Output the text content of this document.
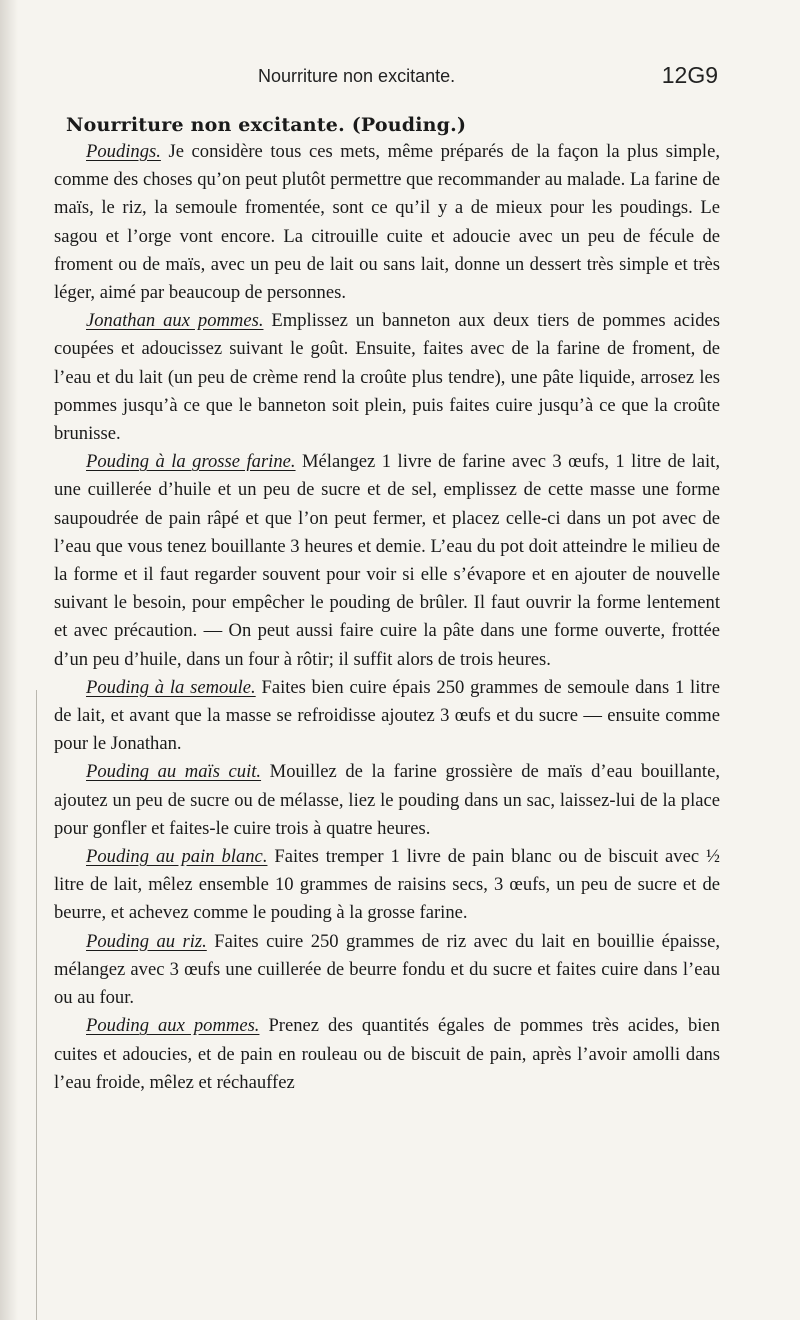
Nourriture non excitante.	12G9
Nourriture non excitante. (Pouding.)

Poudings. Je considère tous ces mets, même préparés de la façon la plus simple, comme des choses qu’on peut plutôt permettre que recommander au malade. La farine de maïs, le riz, la semoule fromentée, sont ce qu’il y a de mieux pour les poudings. Le sagou et l’orge vont encore. La citrouille cuite et adoucie avec un peu de fécule de froment ou de maïs, avec un peu de lait ou sans lait, donne un dessert très simple et très léger, aimé par beaucoup de personnes.

Jonathan aux pommes. Emplissez un banneton aux deux tiers de pommes acides coupées et adoucissez suivant le goût. Ensuite, faites avec de la farine de froment, de l’eau et du lait (un peu de crème rend la croûte plus tendre), une pâte liquide, arrosez les pommes jusqu’à ce que le banneton soit plein, puis faites cuire jusqu’à ce que la croûte brunisse.

Pouding à la grosse farine. Mélangez 1 livre de farine avec 3 œufs, 1 litre de lait, une cuillerée d’huile et un peu de sucre et de sel, emplissez de cette masse une forme saupoudrée de pain râpé et que l’on peut fermer, et placez celle-ci dans un pot avec de l’eau que vous tenez bouillante 3 heures et demie. L’eau du pot doit atteindre le milieu de la forme et il faut regarder souvent pour voir si elle s’évapore et en ajouter de nouvelle suivant le besoin, pour empêcher le pouding de brûler. Il faut ouvrir la forme lentement et avec précaution. — On peut aussi faire cuire la pâte dans une forme ouverte, frottée d’un peu d’huile, dans un four à rôtir; il suffit alors de trois heures.

Pouding à la semoule. Faites bien cuire épais 250 grammes de semoule dans 1 litre de lait, et avant que la masse se refroidisse ajoutez 3 œufs et du sucre — ensuite comme pour le Jonathan.

Pouding au maïs cuit. Mouillez de la farine grossière de maïs d’eau bouillante, ajoutez un peu de sucre ou de mélasse, liez le pouding dans un sac, laissez-lui de la place pour gonfler et faites-le cuire trois à quatre heures.

Pouding au pain blanc. Faites tremper 1 livre de pain blanc ou de biscuit avec ½ litre de lait, mêlez ensemble 10 grammes de raisins secs, 3 œufs, un peu de sucre et de beurre, et achevez comme le pouding à la grosse farine.

Pouding au riz. Faites cuire 250 grammes de riz avec du lait en bouillie épaisse, mélangez avec 3 œufs une cuillerée de beurre fondu et du sucre et faites cuire dans l’eau ou au four.

Pouding aux pommes. Prenez des quantités égales de pommes très acides, bien cuites et adoucies, et de pain en rouleau ou de biscuit de pain, après l’avoir amolli dans l’eau froide, mêlez et réchauffez
